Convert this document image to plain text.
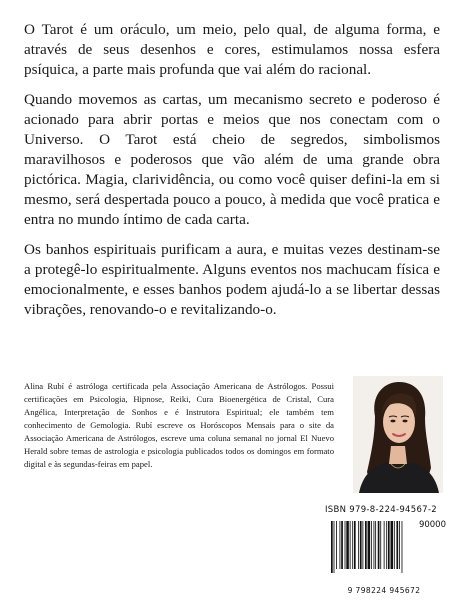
O Tarot é um oráculo, um meio, pelo qual, de alguma forma, e através de seus desenhos e cores, estimulamos nossa esfera psíquica, a parte mais profunda que vai além do racional.

Quando movemos as cartas, um mecanismo secreto e poderoso é acionado para abrir portas e meios que nos conectam com o Universo. O Tarot está cheio de segredos, simbolismos maravilhosos e poderosos que vão além de uma grande obra pictórica. Magia, clarividência, ou como você quiser defini-la em si mesmo, será despertada pouco a pouco, à medida que você pratica e entra no mundo íntimo de cada carta.

Os banhos espirituais purificam a aura, e muitas vezes destinam-se a protegê-lo espiritualmente. Alguns eventos nos machucam física e emocionalmente, e esses banhos podem ajudá-lo a se libertar dessas vibrações, renovando-o e revitalizando-o.

Alina Rubí é astróloga certificada pela Associação Americana de Astrólogos. Possui certificações em Psicologia, Hipnose, Reiki, Cura Bioenergética de Cristal, Cura Angélica, Interpretação de Sonhos e é Instrutora Espiritual; ele também tem conhecimento de Gemologia. Rubí escreve os Horóscopos Mensais para o site da Associação Americana de Astrólogos, escreve uma coluna semanal no jornal El Nuevo Herald sobre temas de astrologia e psicologia publicados todos os domingos em formato digital e às segundas-feiras em papel.
ISBN 979-8-224-94567-2
90000
9 798224 945672
